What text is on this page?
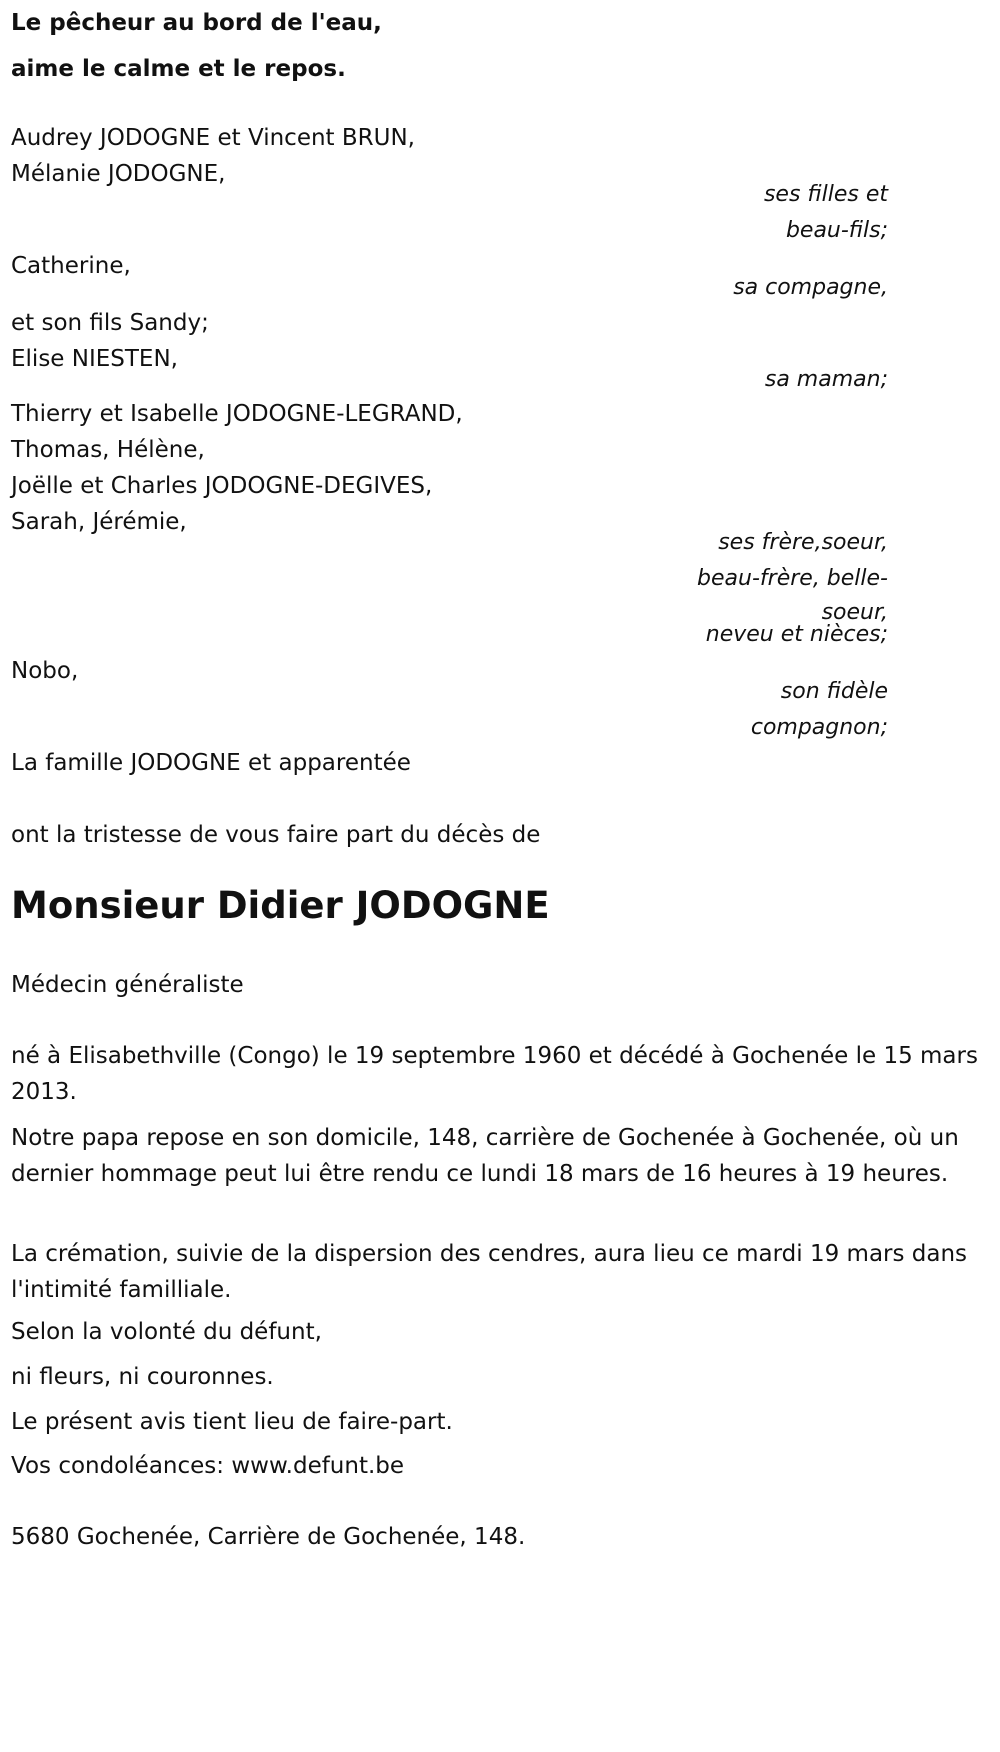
Le pêcheur au bord de l'eau,
aime le calme et le repos.
Audrey JODOGNE et Vincent BRUN,
Mélanie JODOGNE,
ses filles et
beau-fils;
Catherine,
sa compagne,
et son fils Sandy;
Elise NIESTEN,
sa maman;
Thierry et Isabelle JODOGNE-LEGRAND,
Thomas, Hélène,
Joëlle et Charles JODOGNE-DEGIVES,
Sarah, Jérémie,
ses frère,soeur,
beau-frère, belle-
soeur,
neveu et nièces;
Nobo,
son fidèle
compagnon;
La famille JODOGNE et apparentée
ont la tristesse de vous faire part du décès de
Monsieur Didier JODOGNE
Médecin généraliste

né à Elisabethville (Congo) le 19 septembre 1960 et décédé à Gochenée le 15 mars 2013.

Notre papa repose en son domicile, 148, carrière de Gochenée à Gochenée, où un dernier hommage peut lui être rendu ce lundi 18 mars de 16 heures à 19 heures.

La crémation, suivie de la dispersion des cendres, aura lieu ce mardi 19 mars dans l'intimité familliale.

Selon la volonté du défunt,
ni fleurs, ni couronnes.
Le présent avis tient lieu de faire-part.
Vos condoléances: www.defunt.be
5680 Gochenée, Carrière de Gochenée, 148.
